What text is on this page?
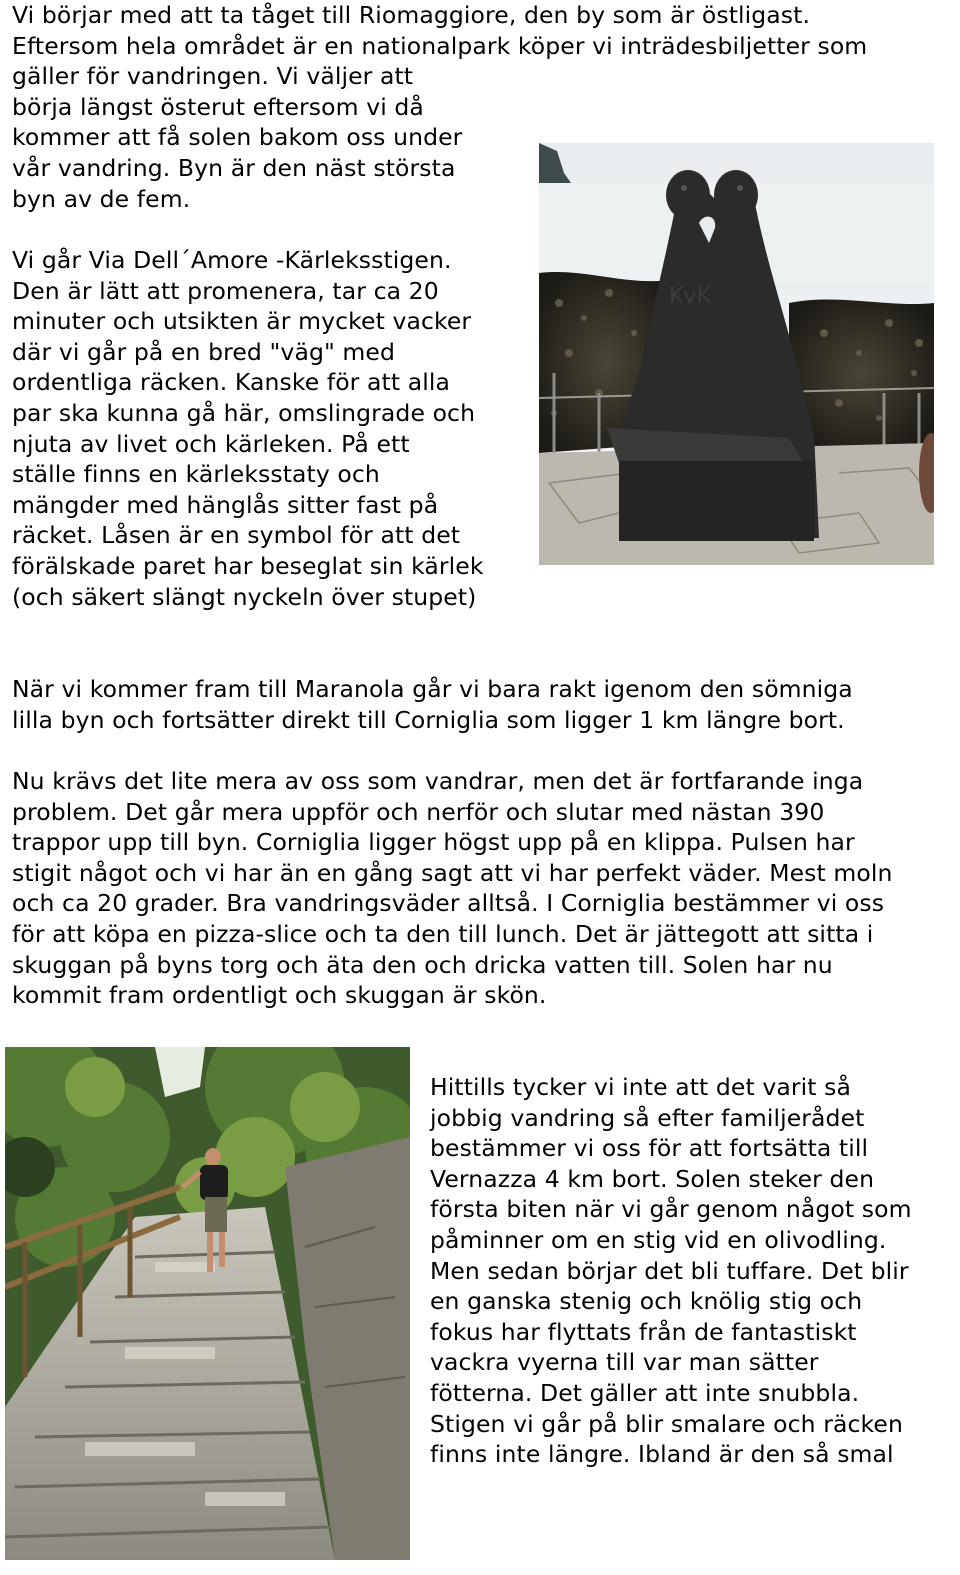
Vi börjar med att ta tåget till Riomaggiore, den by som är östligast.
Eftersom hela området är en nationalpark köper vi inträdesbiljetter som
gäller för vandringen. Vi väljer att
börja längst österut eftersom vi då
kommer att få solen bakom oss under
vår vandring. Byn är den näst största
byn av de fem.
Vi går Via Dell´Amore -Kärleksstigen.
Den är lätt att promenera, tar ca 20
minuter och utsikten är mycket vacker
där vi går på en bred "väg" med
ordentliga räcken. Kanske för att alla
par ska kunna gå här, omslingrade och
njuta av livet och kärleken. På ett
ställe finns en kärleksstaty och
mängder med hänglås sitter fast på
räcket. Låsen är en symbol för att det
förälskade paret har beseglat sin kärlek
(och säkert slängt nyckeln över stupet)
KvK
När vi kommer fram till Maranola går vi bara rakt igenom den sömniga
lilla byn och fortsätter direkt till Corniglia som ligger 1 km längre bort.
Nu krävs det lite mera av oss som vandrar, men det är fortfarande inga
problem. Det går mera uppför och nerför och slutar med nästan 390
trappor upp till byn. Corniglia ligger högst upp på en klippa. Pulsen har
stigit något och vi har än en gång sagt att vi har perfekt väder. Mest moln
och ca 20 grader. Bra vandringsväder alltså. I Corniglia bestämmer vi oss
för att köpa en pizza-slice och ta den till lunch. Det är jättegott att sitta i
skuggan på byns torg och äta den och dricka vatten till. Solen har nu
kommit fram ordentligt och skuggan är skön.
Hittills tycker vi inte att det varit så
jobbig vandring så efter familjerådet
bestämmer vi oss för att fortsätta till
Vernazza 4 km bort. Solen steker den
första biten när vi går genom något som
påminner om en stig vid en olivodling.
Men sedan börjar det bli tuffare. Det blir
en ganska stenig och knölig stig och
fokus har flyttats från de fantastiskt
vackra vyerna till var man sätter
fötterna. Det gäller att inte snubbla.
Stigen vi går på blir smalare och räcken
finns inte längre. Ibland är den så smal
